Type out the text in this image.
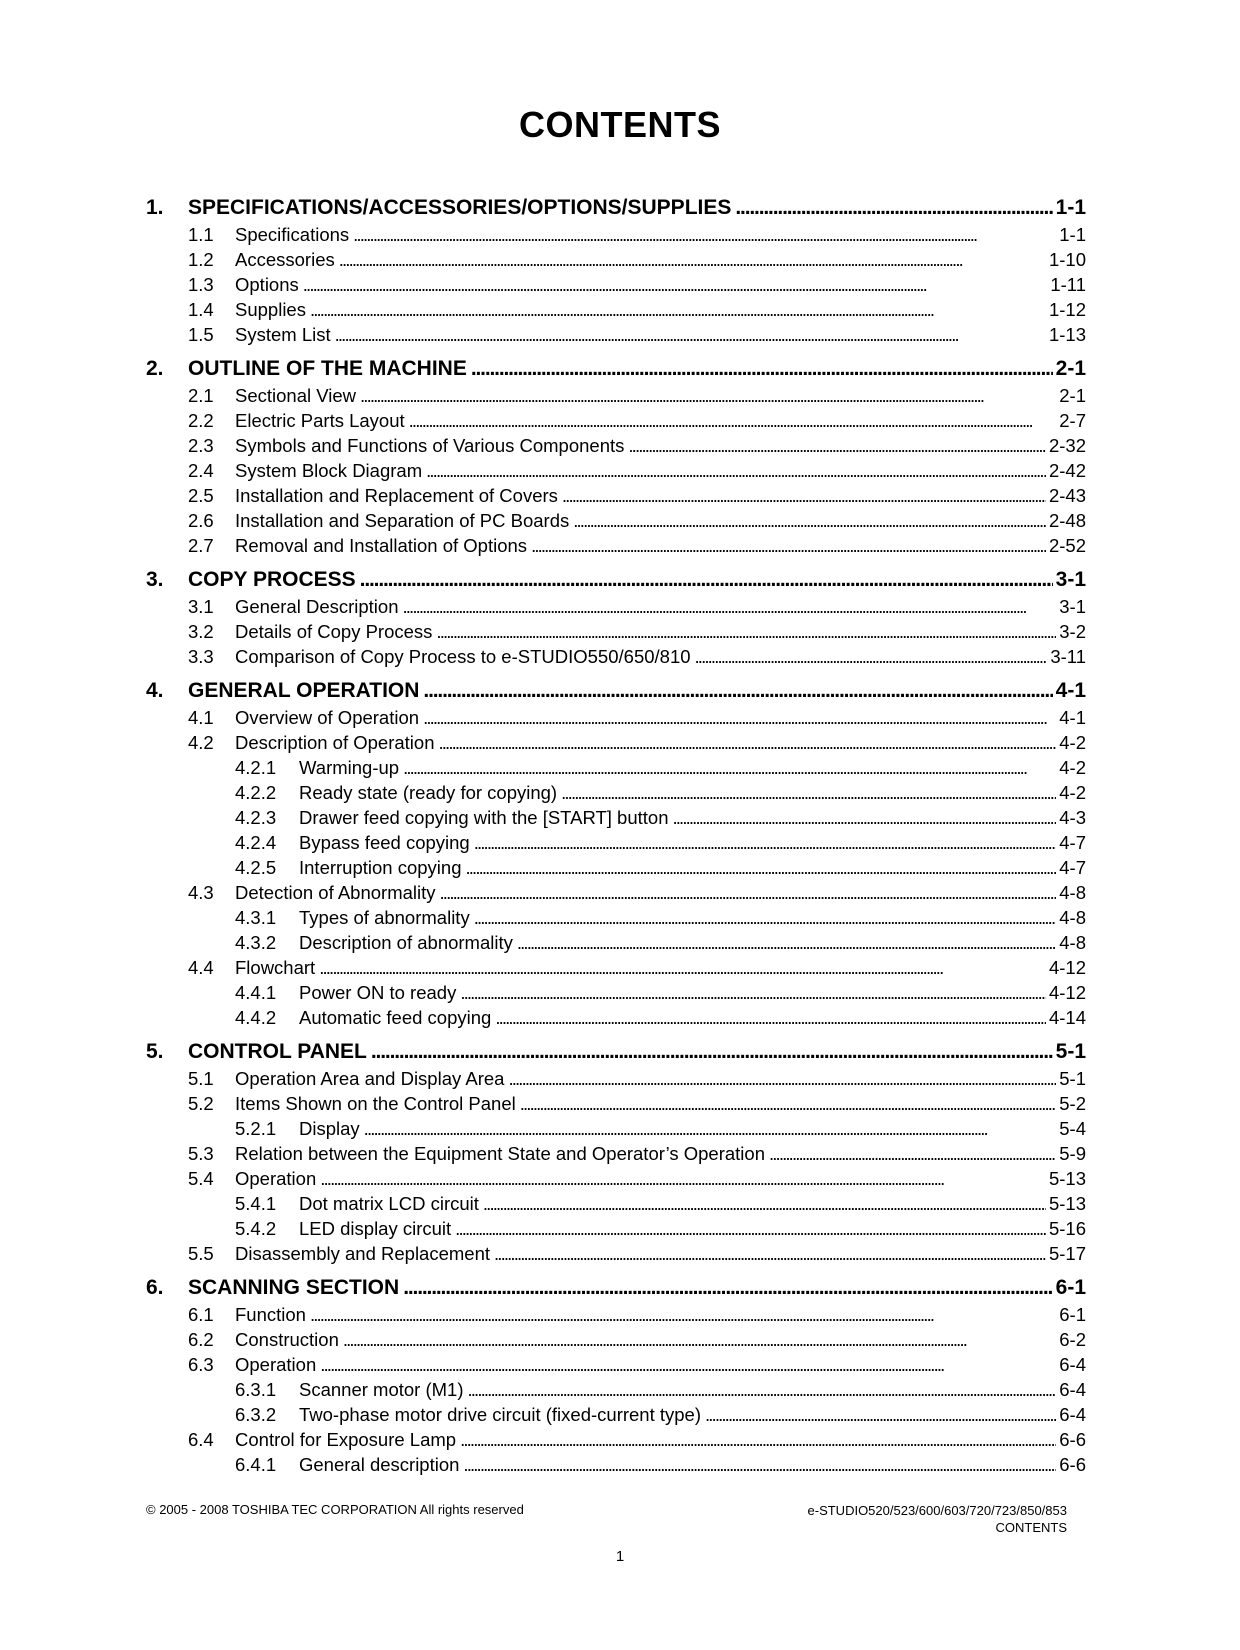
CONTENTS
1.	SPECIFICATIONS/ACCESSORIES/OPTIONS/SUPPLIES . . .	1-1
1.1	Specifications . . .	1-1
1.2	Accessories . . .	1-10
1.3	Options . . .	1-11
1.4	Supplies . . .	1-12
1.5	System List . . .	1-13
2.	OUTLINE OF THE MACHINE . . .	2-1
2.1	Sectional View . . .	2-1
2.2	Electric Parts Layout . . .	2-7
2.3	Symbols and Functions of Various Components . . .	2-32
2.4	System Block Diagram . . .	2-42
2.5	Installation and Replacement of Covers . . .	2-43
2.6	Installation and Separation of PC Boards . . .	2-48
2.7	Removal and Installation of Options . . .	2-52
3.	COPY PROCESS . . .	3-1
3.1	General Description . . .	3-1
3.2	Details of Copy Process . . .	3-2
3.3	Comparison of Copy Process to e-STUDIO550/650/810 . . .	3-11
4.	GENERAL OPERATION . . .	4-1
4.1	Overview of Operation . . .	4-1
4.2	Description of Operation . . .	4-2
4.2.1	Warming-up . . .	4-2
4.2.2	Ready state (ready for copying) . . .	4-2
4.2.3	Drawer feed copying with the [START] button . . .	4-3
4.2.4	Bypass feed copying . . .	4-7
4.2.5	Interruption copying . . .	4-7
4.3	Detection of Abnormality . . .	4-8
4.3.1	Types of abnormality . . .	4-8
4.3.2	Description of abnormality . . .	4-8
4.4	Flowchart . . .	4-12
4.4.1	Power ON to ready . . .	4-12
4.4.2	Automatic feed copying . . .	4-14
5.	CONTROL PANEL . . .	5-1
5.1	Operation Area and Display Area . . .	5-1
5.2	Items Shown on the Control Panel . . .	5-2
5.2.1	Display . . .	5-4
5.3	Relation between the Equipment State and Operator’s Operation . . .	5-9
5.4	Operation . . .	5-13
5.4.1	Dot matrix LCD circuit . . .	5-13
5.4.2	LED display circuit . . .	5-16
5.5	Disassembly and Replacement . . .	5-17
6.	SCANNING SECTION . . .	6-1
6.1	Function . . .	6-1
6.2	Construction . . .	6-2
6.3	Operation . . .	6-4
6.3.1	Scanner motor (M1) . . .	6-4
6.3.2	Two-phase motor drive circuit (fixed-current type) . . .	6-4
6.4	Control for Exposure Lamp . . .	6-6
6.4.1	General description . . .	6-6
© 2005 - 2008 TOSHIBA TEC CORPORATION All rights reserved	e-STUDIO520/523/600/603/720/723/850/853
CONTENTS
1
